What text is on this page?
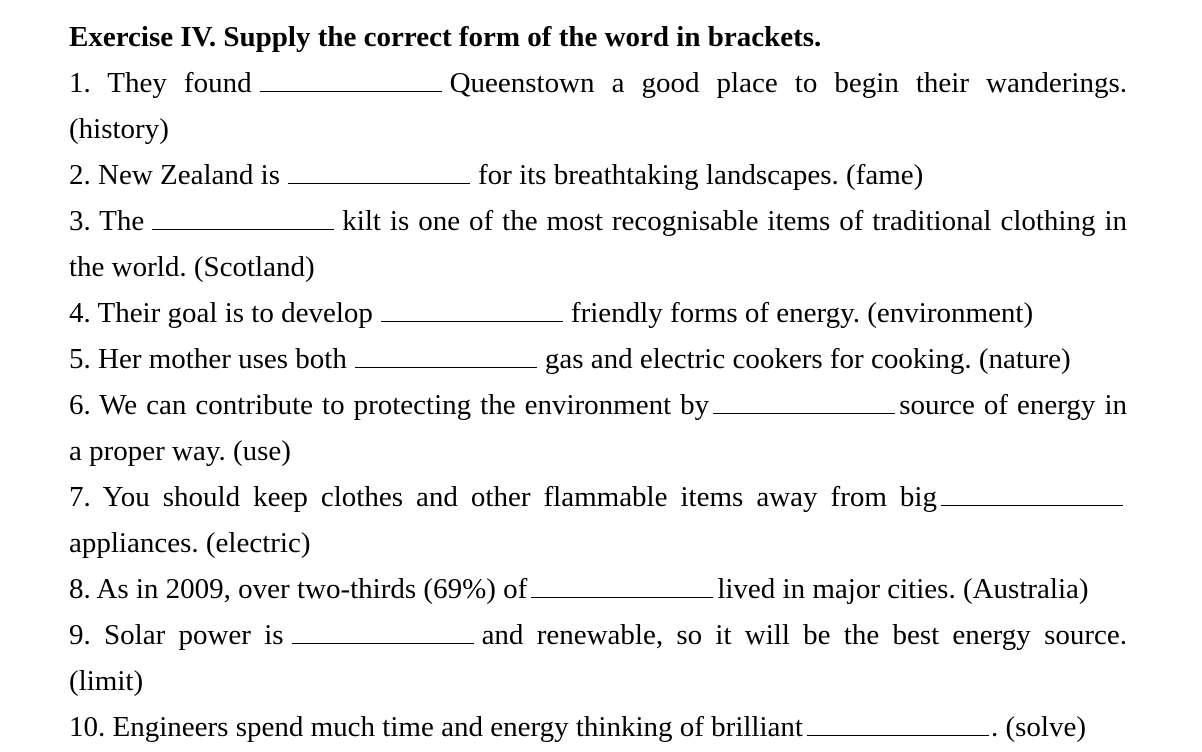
Exercise IV. Supply the correct form of the word in brackets.

1. They found	Queenstown a good place to begin their wanderings. (history)

2. New Zealand is	for its breathtaking landscapes. (fame)

3. The	kilt is one of the most recognisable items of traditional clothing in the world. (Scotland)

4. Their goal is to develop	friendly forms of energy. (environment)

5. Her mother uses both	gas and electric cookers for cooking. (nature)

6. We can contribute to protecting the environment by	source of energy in a proper way. (use)

7. You should keep clothes and other flammable items away from bigappliances. (electric)

8. As in 2009, over two-thirds (69%) of	lived in major cities. (Australia)

9. Solar power is	and renewable, so it will be the best energy source. (limit)

10. Engineers spend much time and energy thinking of brilliant	. (solve)
